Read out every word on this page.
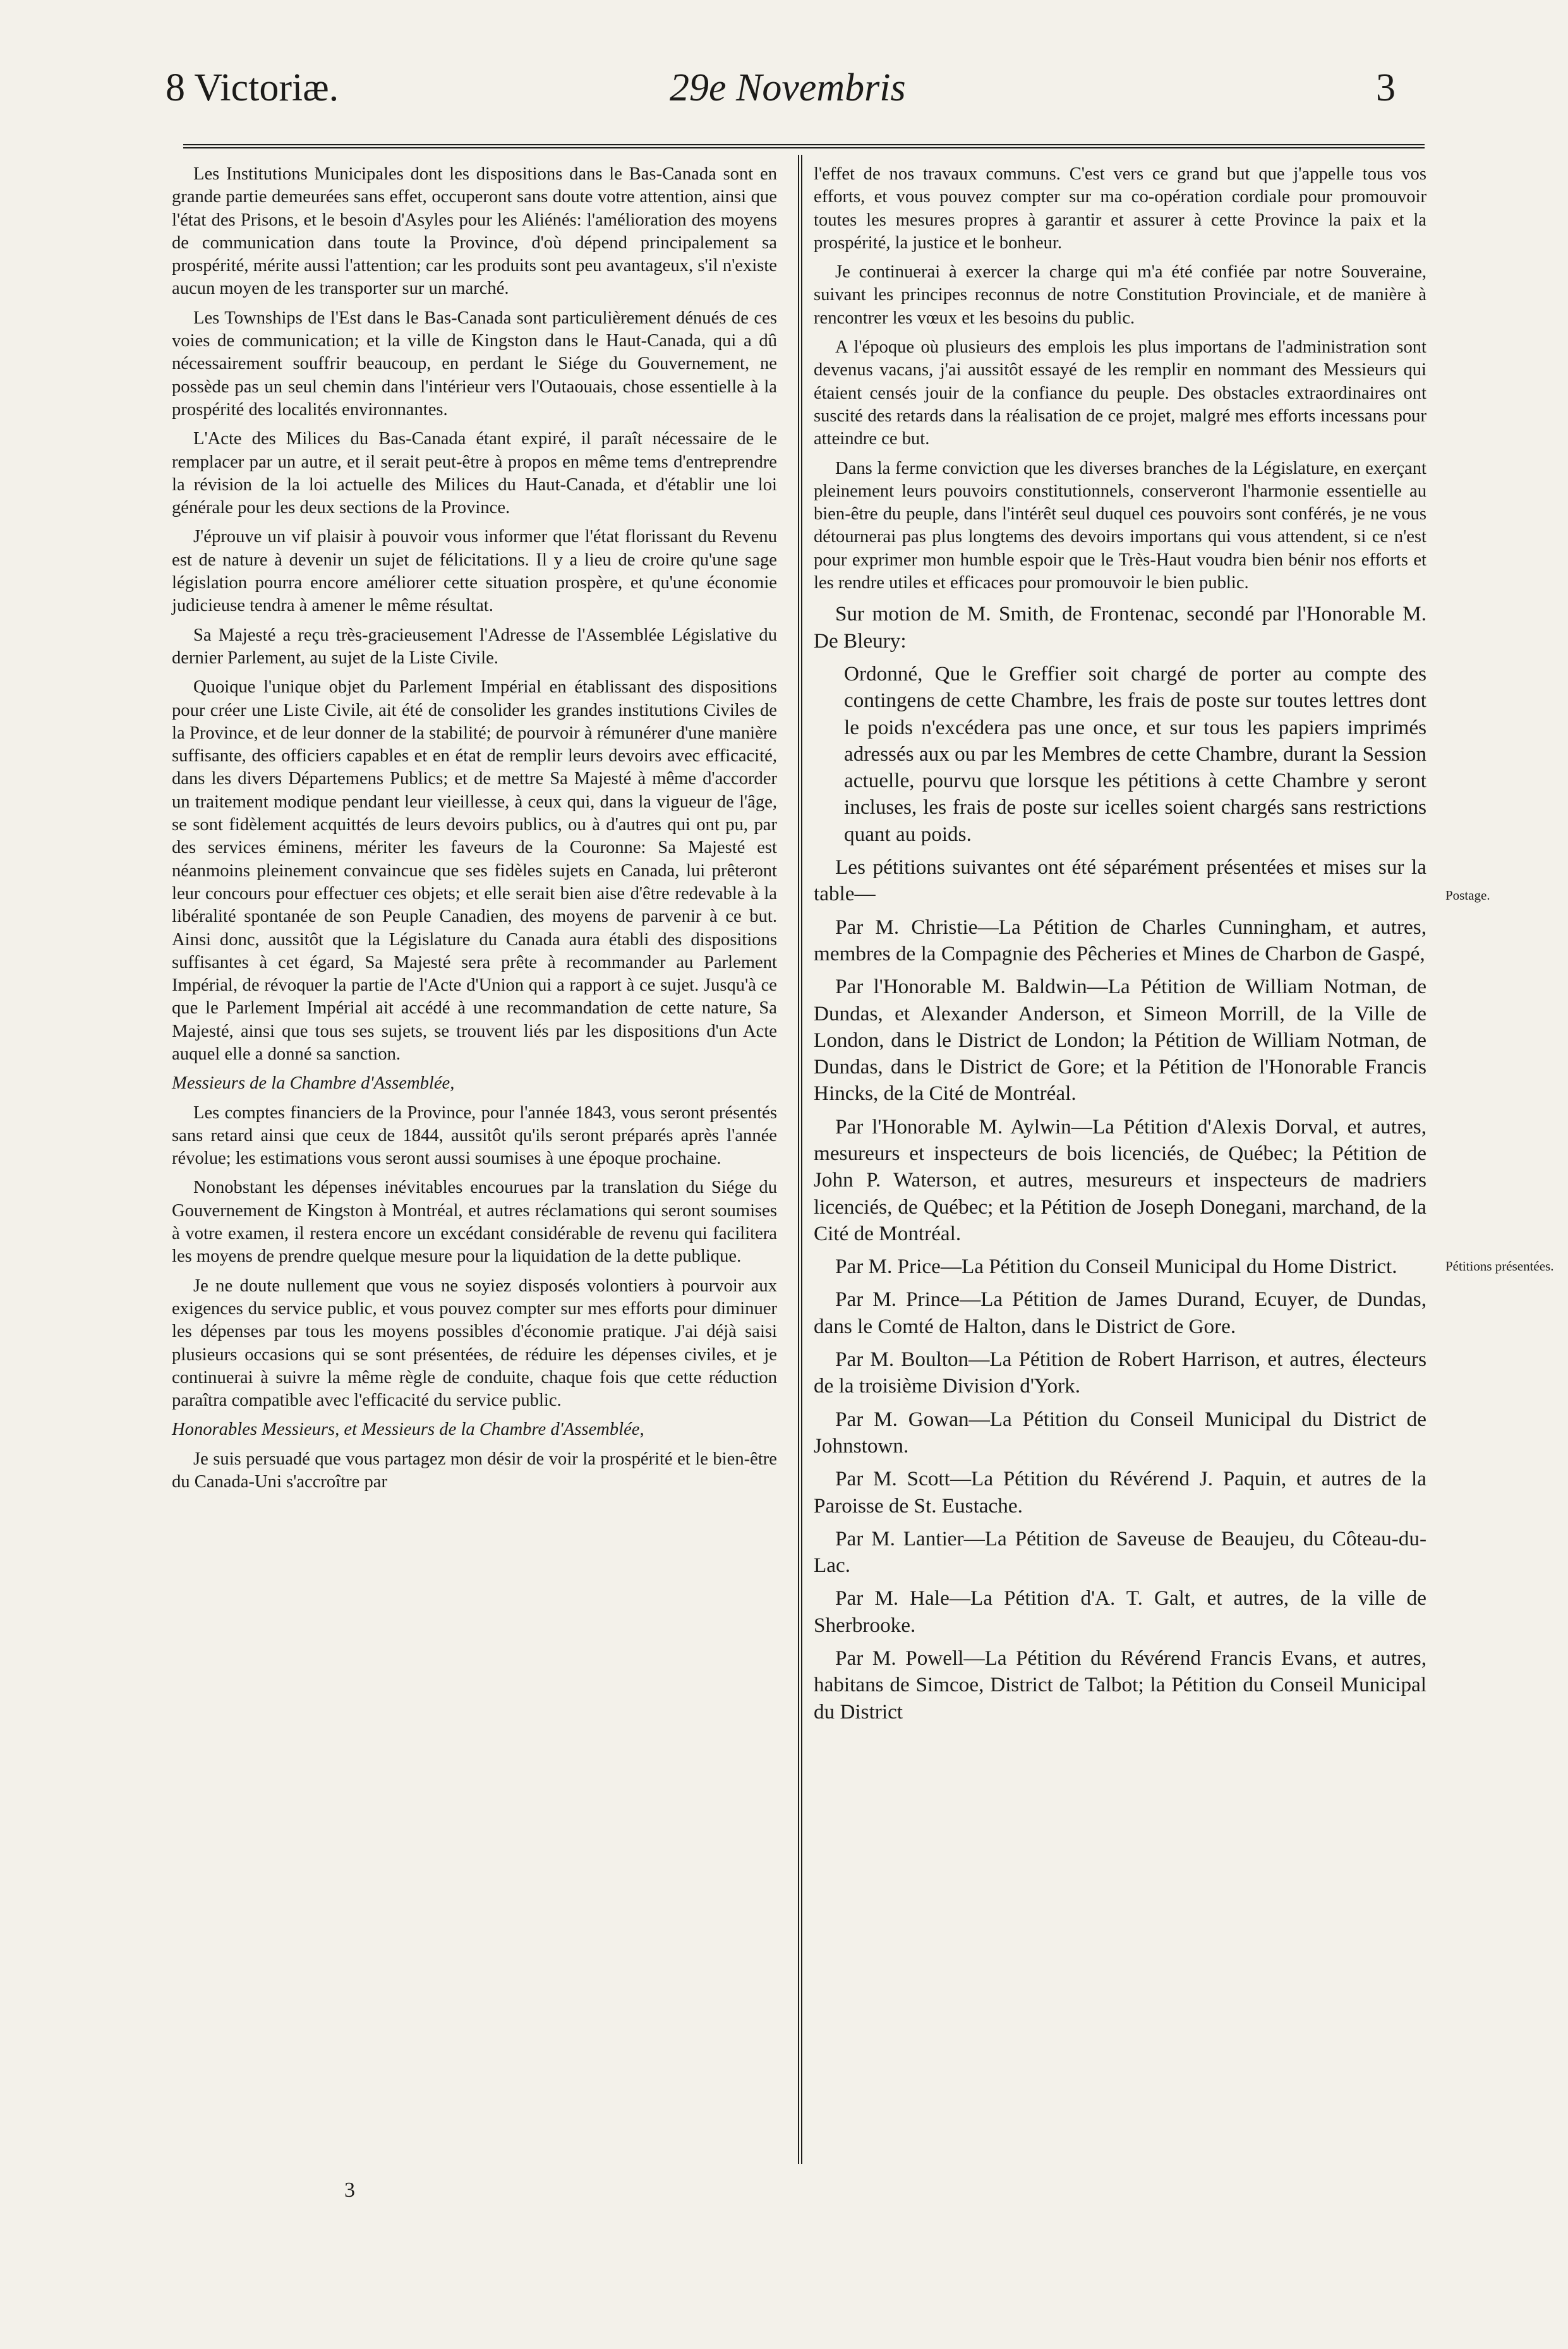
8 Victoriæ.	29e Novembris	3

Les Institutions Municipales dont les dispositions dans le Bas-Canada sont en grande partie demeurées sans effet, occuperont sans doute votre attention, ainsi que l'état des Prisons, et le besoin d'Asyles pour les Aliénés: l'amélioration des moyens de communication dans toute la Province, d'où dépend principalement sa prospérité, mérite aussi l'attention; car les produits sont peu avantageux, s'il n'existe aucun moyen de les transporter sur un marché.

Les Townships de l'Est dans le Bas-Canada sont particulièrement dénués de ces voies de communication; et la ville de Kingston dans le Haut-Canada, qui a dû nécessairement souffrir beaucoup, en perdant le Siége du Gouvernement, ne possède pas un seul chemin dans l'intérieur vers l'Outaouais, chose essentielle à la prospérité des localités environnantes.

L'Acte des Milices du Bas-Canada étant expiré, il paraît nécessaire de le remplacer par un autre, et il serait peut-être à propos en même tems d'entreprendre la révision de la loi actuelle des Milices du Haut-Canada, et d'établir une loi générale pour les deux sections de la Province.

J'éprouve un vif plaisir à pouvoir vous informer que l'état florissant du Revenu est de nature à devenir un sujet de félicitations. Il y a lieu de croire qu'une sage législation pourra encore améliorer cette situation prospère, et qu'une économie judicieuse tendra à amener le même résultat.

Sa Majesté a reçu très-gracieusement l'Adresse de l'Assemblée Législative du dernier Parlement, au sujet de la Liste Civile.

Quoique l'unique objet du Parlement Impérial en établissant des dispositions pour créer une Liste Civile, ait été de consolider les grandes institutions Civiles de la Province, et de leur donner de la stabilité; de pourvoir à rémunérer d'une manière suffisante, des officiers capables et en état de remplir leurs devoirs avec efficacité, dans les divers Départemens Publics; et de mettre Sa Majesté à même d'accorder un traitement modique pendant leur vieillesse, à ceux qui, dans la vigueur de l'âge, se sont fidèlement acquittés de leurs devoirs publics, ou à d'autres qui ont pu, par des services éminens, mériter les faveurs de la Couronne: Sa Majesté est néanmoins pleinement convaincue que ses fidèles sujets en Canada, lui prêteront leur concours pour effectuer ces objets; et elle serait bien aise d'être redevable à la libéralité spontanée de son Peuple Canadien, des moyens de parvenir à ce but. Ainsi donc, aussitôt que la Législature du Canada aura établi des dispositions suffisantes à cet égard, Sa Majesté sera prête à recommander au Parlement Impérial, de révoquer la partie de l'Acte d'Union qui a rapport à ce sujet. Jusqu'à ce que le Parlement Impérial ait accédé à une recommandation de cette nature, Sa Majesté, ainsi que tous ses sujets, se trouvent liés par les dispositions d'un Acte auquel elle a donné sa sanction.

Messieurs de la Chambre d'Assemblée,

Les comptes financiers de la Province, pour l'année 1843, vous seront présentés sans retard ainsi que ceux de 1844, aussitôt qu'ils seront préparés après l'année révolue; les estimations vous seront aussi soumises à une époque prochaine.

Nonobstant les dépenses inévitables encourues par la translation du Siége du Gouvernement de Kingston à Montréal, et autres réclamations qui seront soumises à votre examen, il restera encore un excédant considérable de revenu qui facilitera les moyens de prendre quelque mesure pour la liquidation de la dette publique.

Je ne doute nullement que vous ne soyiez disposés volontiers à pourvoir aux exigences du service public, et vous pouvez compter sur mes efforts pour diminuer les dépenses par tous les moyens possibles d'économie pratique. J'ai déjà saisi plusieurs occasions qui se sont présentées, de réduire les dépenses civiles, et je continuerai à suivre la même règle de conduite, chaque fois que cette réduction paraîtra compatible avec l'efficacité du service public.

Honorables Messieurs, et Messieurs de la Chambre d'Assemblée,

Je suis persuadé que vous partagez mon désir de voir la prospérité et le bien-être du Canada-Uni s'accroître par

l'effet de nos travaux communs. C'est vers ce grand but que j'appelle tous vos efforts, et vous pouvez compter sur ma co-opération cordiale pour promouvoir toutes les mesures propres à garantir et assurer à cette Province la paix et la prospérité, la justice et le bonheur.

Je continuerai à exercer la charge qui m'a été confiée par notre Souveraine, suivant les principes reconnus de notre Constitution Provinciale, et de manière à rencontrer les vœux et les besoins du public.

A l'époque où plusieurs des emplois les plus importans de l'administration sont devenus vacans, j'ai aussitôt essayé de les remplir en nommant des Messieurs qui étaient censés jouir de la confiance du peuple. Des obstacles extraordinaires ont suscité des retards dans la réalisation de ce projet, malgré mes efforts incessans pour atteindre ce but.

Dans la ferme conviction que les diverses branches de la Législature, en exerçant pleinement leurs pouvoirs constitutionnels, conserveront l'harmonie essentielle au bien-être du peuple, dans l'intérêt seul duquel ces pouvoirs sont conférés, je ne vous détournerai pas plus longtems des devoirs importans qui vous attendent, si ce n'est pour exprimer mon humble espoir que le Très-Haut voudra bien bénir nos efforts et les rendre utiles et efficaces pour promouvoir le bien public.

Sur motion de M. Smith, de Frontenac, secondé par l'Honorable M. De Bleury:

Ordonné, Que le Greffier soit chargé de porter au compte des contingens de cette Chambre, les frais de poste sur toutes lettres dont le poids n'excédera pas une once, et sur tous les papiers imprimés adressés aux ou par les Membres de cette Chambre, durant la Session actuelle, pourvu que lorsque les pétitions à cette Chambre y seront incluses, les frais de poste sur icelles soient chargés sans restrictions quant au poids.

Les pétitions suivantes ont été séparément présentées et mises sur la table—

Par M. Christie—La Pétition de Charles Cunningham, et autres, membres de la Compagnie des Pêcheries et Mines de Charbon de Gaspé,

Par l'Honorable M. Baldwin—La Pétition de William Notman, de Dundas, et Alexander Anderson, et Simeon Morrill, de la Ville de London, dans le District de London; la Pétition de William Notman, de Dundas, dans le District de Gore; et la Pétition de l'Honorable Francis Hincks, de la Cité de Montréal.

Par l'Honorable M. Aylwin—La Pétition d'Alexis Dorval, et autres, mesureurs et inspecteurs de bois licenciés, de Québec; la Pétition de John P. Waterson, et autres, mesureurs et inspecteurs de madriers licenciés, de Québec; et la Pétition de Joseph Donegani, marchand, de la Cité de Montréal.

Par M. Price—La Pétition du Conseil Municipal du Home District.

Par M. Prince—La Pétition de James Durand, Ecuyer, de Dundas, dans le Comté de Halton, dans le District de Gore.

Par M. Boulton—La Pétition de Robert Harrison, et autres, électeurs de la troisième Division d'York.

Par M. Gowan—La Pétition du Conseil Municipal du District de Johnstown.

Par M. Scott—La Pétition du Révérend J. Paquin, et autres de la Paroisse de St. Eustache.

Par M. Lantier—La Pétition de Saveuse de Beaujeu, du Côteau-du-Lac.

Par M. Hale—La Pétition d'A. T. Galt, et autres, de la ville de Sherbrooke.

Par M. Powell—La Pétition du Révérend Francis Evans, et autres, habitans de Simcoe, District de Talbot; la Pétition du Conseil Municipal du District

Postage.
Pétitions présentées.
3
